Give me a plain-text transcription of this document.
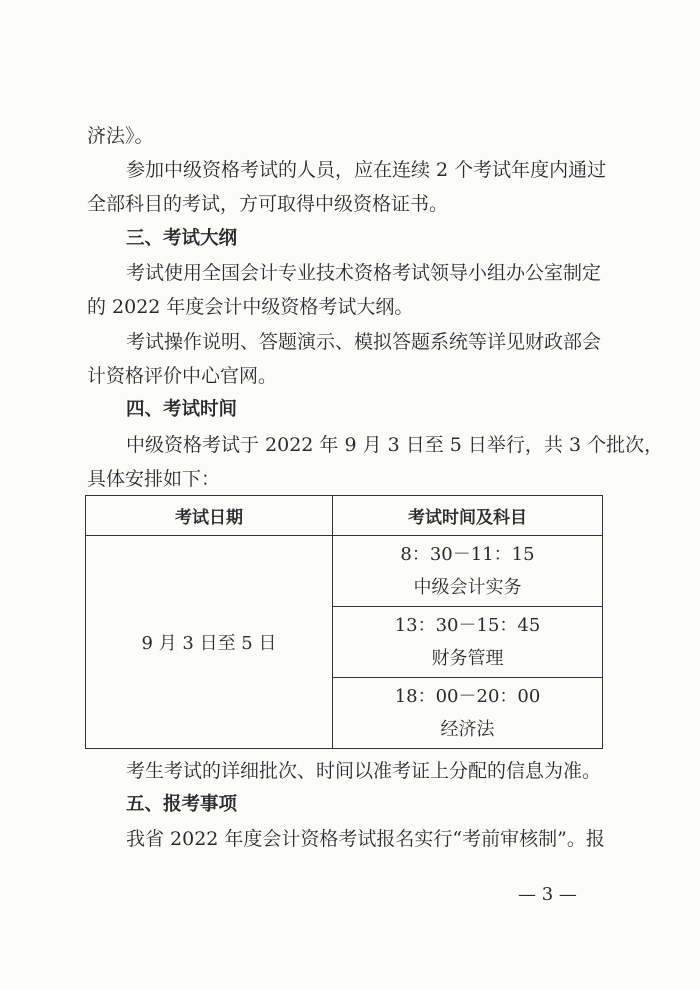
济法》。
参加中级资格考试的人员，应在连续 2 个考试年度内通过
全部科目的考试，方可取得中级资格证书。
三、考试大纲
考试使用全国会计专业技术资格考试领导小组办公室制定
的 2022 年度会计中级资格考试大纲。
考试操作说明、答题演示、模拟答题系统等详见财政部会
计资格评价中心官网。
四、考试时间
中级资格考试于 2022 年 9 月 3 日至 5 日举行，共 3 个批次，
具体安排如下：
考试日期	考试时间及科目
9 月 3 日至 5 日	8：30－11：15
中级会计实务

	13：30－15：45
财务管理

	18：00－20：00
经济法
考生考试的详细批次、时间以准考证上分配的信息为准。
五、报考事项
我省 2022 年度会计资格考试报名实行“考前审核制”。报
— 3 —
